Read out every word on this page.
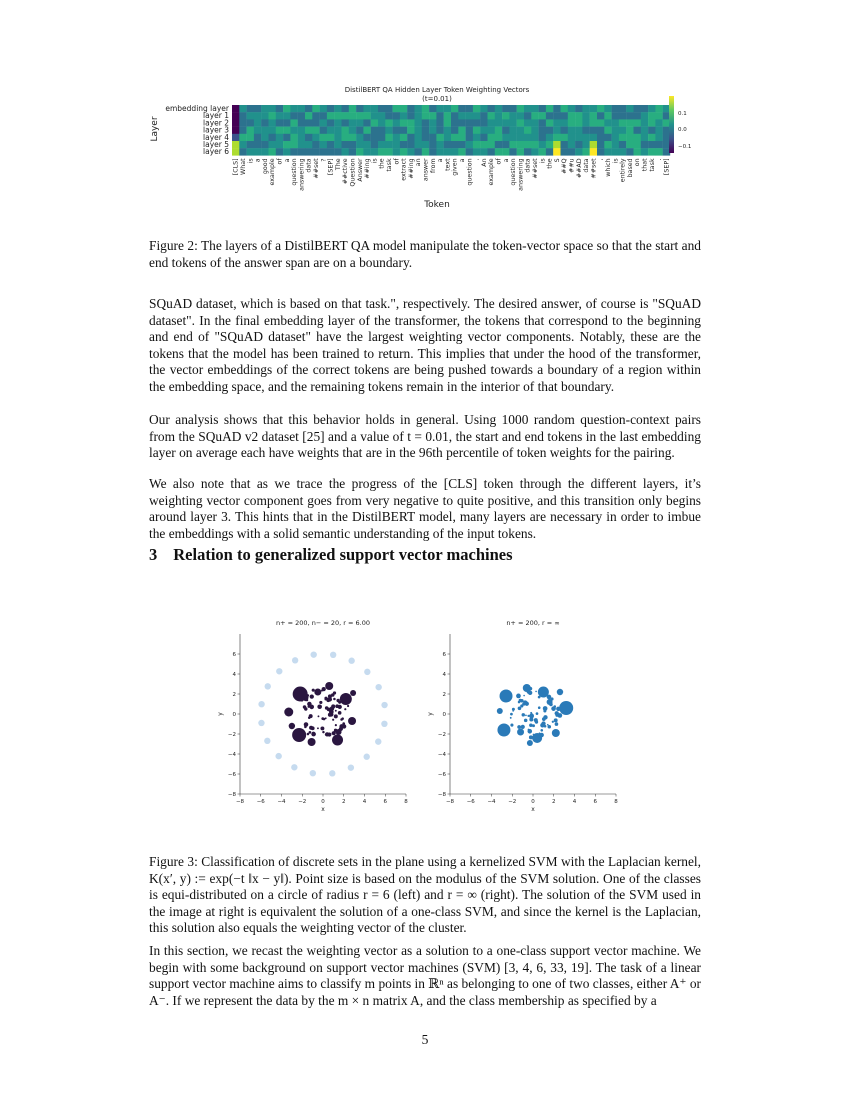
DistilBERT QA Hidden Layer Token Weighting Vectors
(t=0.01)
embedding layer
layer 1
layer 2
layer 3
layer 4
layer 5
layer 6
[CLS] What is a good example of a question answering data ##set ? [SEP] The ##ctive Question Answer ##ing is the task of extract ##ing an answer from a text given a question . An example of a question answering data ##set is the S ##Q ##u ##AD data ##set , which is entirely based on that task . [SEP]
Layer
Token
0.1
0.0
−0.1
Figure 2: The layers of a DistilBERT QA model manipulate the token-vector space so that the start and end tokens of the answer span are on a boundary.
SQuAD dataset, which is based on that task.", respectively. The desired answer, of course is "SQuAD dataset". In the final embedding layer of the transformer, the tokens that correspond to the beginning and end of "SQuAD dataset" have the largest weighting vector components. Notably, these are the tokens that the model has been trained to return. This implies that under the hood of the transformer, the vector embeddings of the correct tokens are being pushed towards a boundary of a region within the embedding space, and the remaining tokens remain in the interior of that boundary.
Our analysis shows that this behavior holds in general. Using 1000 random question-context pairs from the SQuAD v2 dataset [25] and a value of t = 0.01, the start and end tokens in the last embedding layer on average each have weights that are in the 96th percentile of token weights for the pairing.
We also note that as we trace the progress of the [CLS] token through the different layers, it’s weighting vector component goes from very negative to quite positive, and this transition only begins around layer 3. This hints that in the DistilBERT model, many layers are necessary in order to imbue the embeddings with a solid semantic understanding of the input tokens.
3 Relation to generalized support vector machines
n+ = 200, n− = 20, r = 6.00
−8 −6 −4 −2	0	2	4	6	8
6
4
2
0
−2
−4
−6
−8
x
y
n+ = 200, r = ∞
−8 −6 −4 −2	0	2	4	6	8
6
4
2
0
−2
−4
−6
−8
x
y
Figure 3: Classification of discrete sets in the plane using a kernelized SVM with the Laplacian kernel, K(x′, y) := exp(−t ‖x − y‖). Point size is based on the modulus of the SVM solution. One of the classes is equi-distributed on a circle of radius r = 6 (left) and r = ∞ (right). The solution of the SVM used in the image at right is equivalent the solution of a one-class SVM, and since the kernel is the Laplacian, this solution also equals the weighting vector of the cluster.
In this section, we recast the weighting vector as a solution to a one-class support vector machine. We begin with some background on support vector machines (SVM) [3, 4, 6, 33, 19]. The task of a linear support vector machine aims to classify m points in ℝⁿ as belonging to one of two classes, either A⁺ or A⁻. If we represent the data by the m × n matrix A, and the class membership as specified by a
5
